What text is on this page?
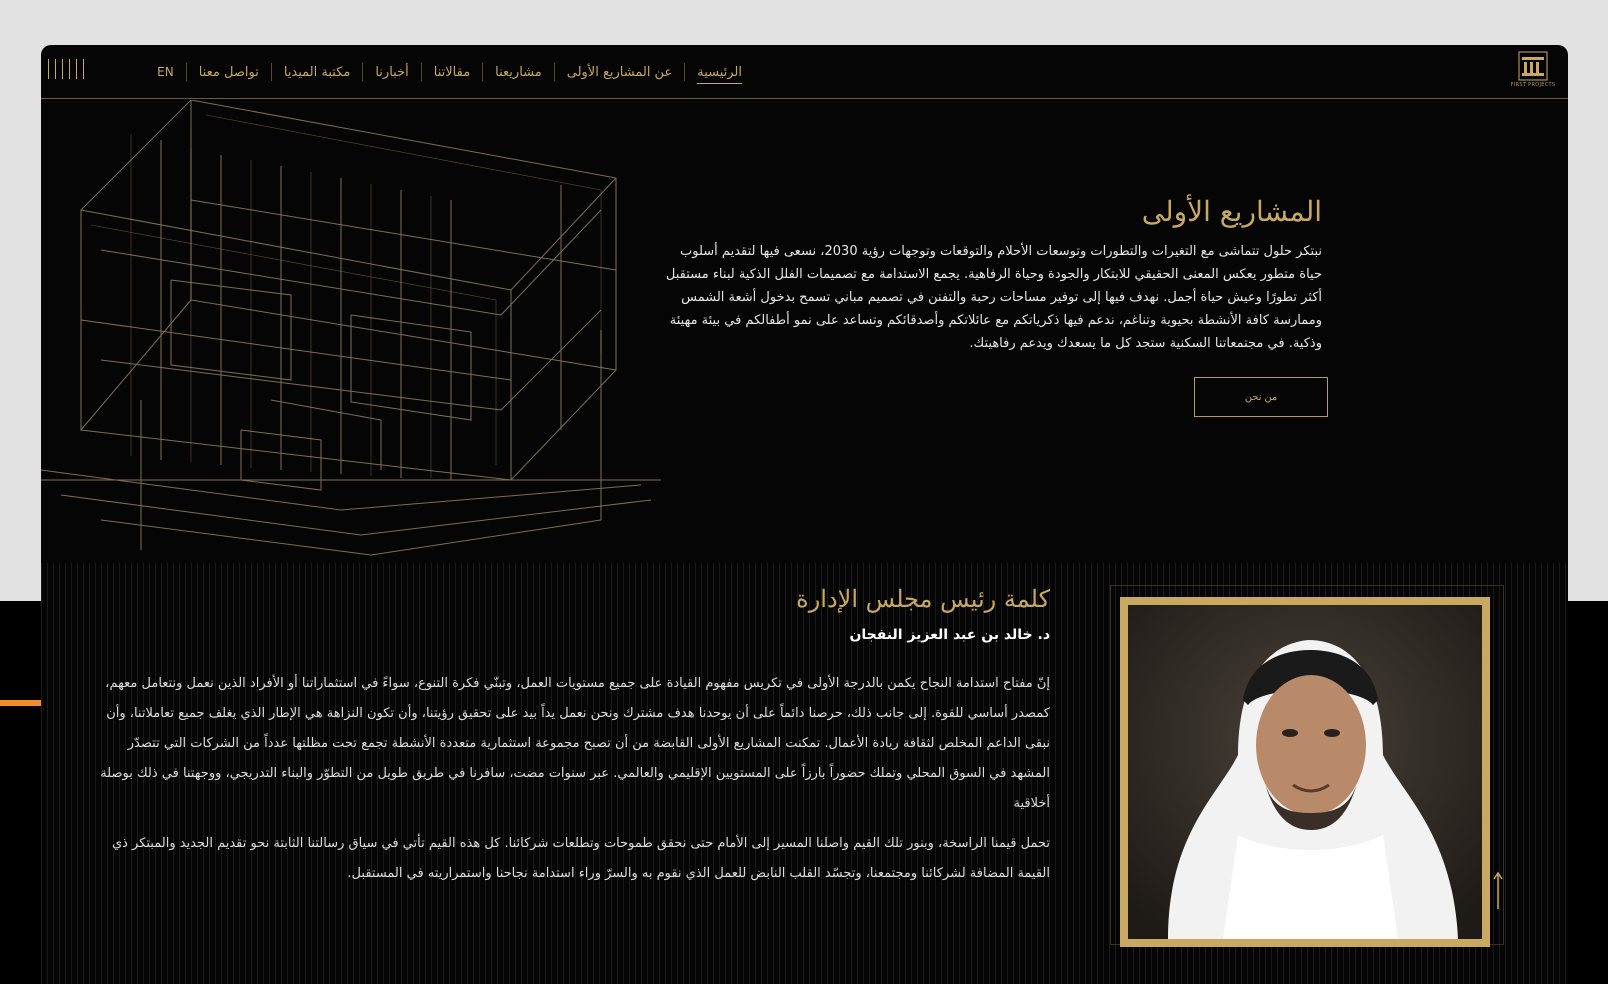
FIRST PROJECTS
الرئيسية
عن المشاريع الأولى
مشاريعنا
مقالاتنا
أخبارنا
مكتبة الميديا
تواصل معنا
EN
المشاريع الأولى

نبتكر حلول تتماشى مع التغيرات والتطورات وتوسعات الأحلام والتوقعات وتوجهات رؤية 2030، نسعى فيها لتقديم أسلوب حياة متطور يعكس المعنى الحقيقي للابتكار والجودة وحياة الرفاهية. يجمع الاستدامة مع تصميمات الفلل الذكية لبناء مستقبل أكثر تطورًا وعيش حياة أجمل. نهدف فيها إلى توفير مساحات رحبة والتفنن في تصميم مباني تسمح بدخول أشعة الشمس وممارسة كافة الأنشطة بحيوية وتناغم، ندعم فيها ذكرياتكم مع عائلاتكم وأصدقائكم وتساعد على نمو أطفالكم في بيئة مهيئة وذكية. في مجتمعاتنا السكنية ستجد كل ما يسعدك ويدعم رفاهيتك.

من نحن
كلمة رئيس مجلس الإدارة
د. خالد بن عبد العزيز النفجان

إنّ مفتاح استدامة النجاح يكمن بالدرجة الأولى في تكريس مفهوم القيادة على جميع مستويات العمل، وتبنّي فكرة التنوع، سواءً في استثماراتنا أو الأفراد الذين نعمل ونتعامل معهم، كمصدر أساسي للقوة. إلى جانب ذلك، حرصنا دائماً على أن يوحدنا هدف مشترك ونحن نعمل يداً بيد على تحقيق رؤيتنا، وأن تكون النزاهة هي الإطار الذي يغلف جميع تعاملاتنا، وأن نبقى الداعم المخلص لثقافة ريادة الأعمال. تمكنت المشاريع الأولى القابضة من أن تصبح مجموعة استثمارية متعددة الأنشطة تجمع تحت مظلتها عدداً من الشركات التي تتصدّر المشهد في السوق المحلي وتملك حضوراً بارزاً على المستويين الإقليمي والعالمي. عبر سنوات مضت، سافرنا في طريق طويل من التطوّر والبناء التدريجي، ووجهتنا في ذلك بوصلة أخلاقية

تحمل قيمنا الراسخة، وبنور تلك القيم واصلنا المسير إلى الأمام حتى نحقق طموحات وتطلعات شركائنا. كل هذه القيم تأتي في سياق رسالتنا الثابتة نحو تقديم الجديد والمبتكر ذي القيمة المضافة لشركائنا ومجتمعنا، وتجسّد القلب النابض للعمل الذي نقوم به والسرّ وراء استدامة نجاحنا واستمراريته في المستقبل.
